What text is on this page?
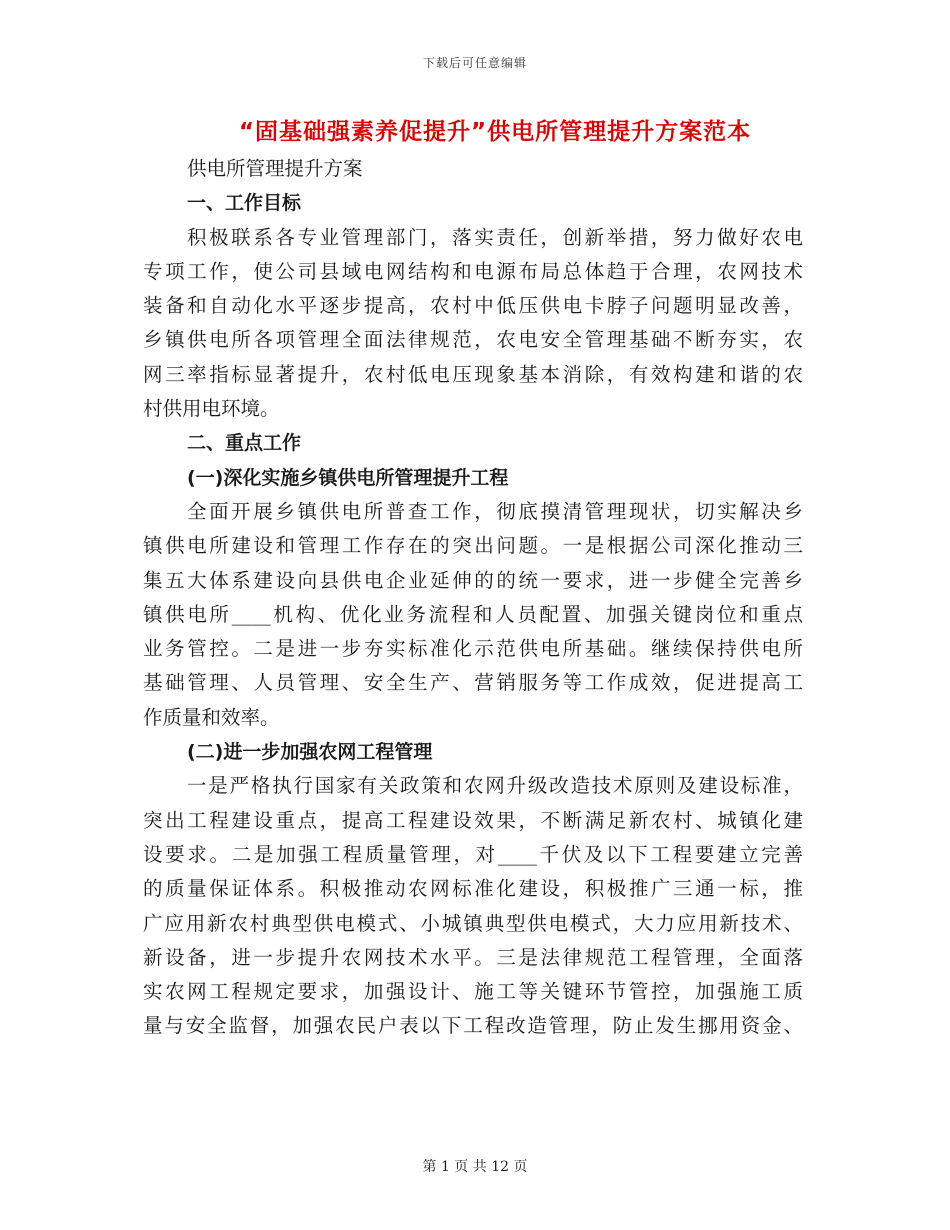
下载后可任意编辑
“固基础强素养促提升”供电所管理提升方案范本
供电所管理提升方案
一、工作目标
积极联系各专业管理部门，落实责任，创新举措，努力做好农电
专项工作，使公司县域电网结构和电源布局总体趋于合理，农网技术
装备和自动化水平逐步提高，农村中低压供电卡脖子问题明显改善，
乡镇供电所各项管理全面法律规范，农电安全管理基础不断夯实，农
网三率指标显著提升，农村低电压现象基本消除，有效构建和谐的农
村供用电环境。
二、重点工作
(一)深化实施乡镇供电所管理提升工程
全面开展乡镇供电所普查工作，彻底摸清管理现状，切实解决乡
镇供电所建设和管理工作存在的突出问题。一是根据公司深化推动三
集五大体系建设向县供电企业延伸的的统一要求，进一步健全完善乡
镇供电所____机构、优化业务流程和人员配置、加强关键岗位和重点
业务管控。二是进一步夯实标准化示范供电所基础。继续保持供电所
基础管理、人员管理、安全生产、营销服务等工作成效，促进提高工
作质量和效率。
(二)进一步加强农网工程管理
一是严格执行国家有关政策和农网升级改造技术原则及建设标准，
突出工程建设重点，提高工程建设效果，不断满足新农村、城镇化建
设要求。二是加强工程质量管理，对____千伏及以下工程要建立完善
的质量保证体系。积极推动农网标准化建设，积极推广三通一标，推
广应用新农村典型供电模式、小城镇典型供电模式，大力应用新技术、
新设备，进一步提升农网技术水平。三是法律规范工程管理，全面落
实农网工程规定要求，加强设计、施工等关键环节管控，加强施工质
量与安全监督，加强农民户表以下工程改造管理，防止发生挪用资金、
第 1 页 共 12 页
